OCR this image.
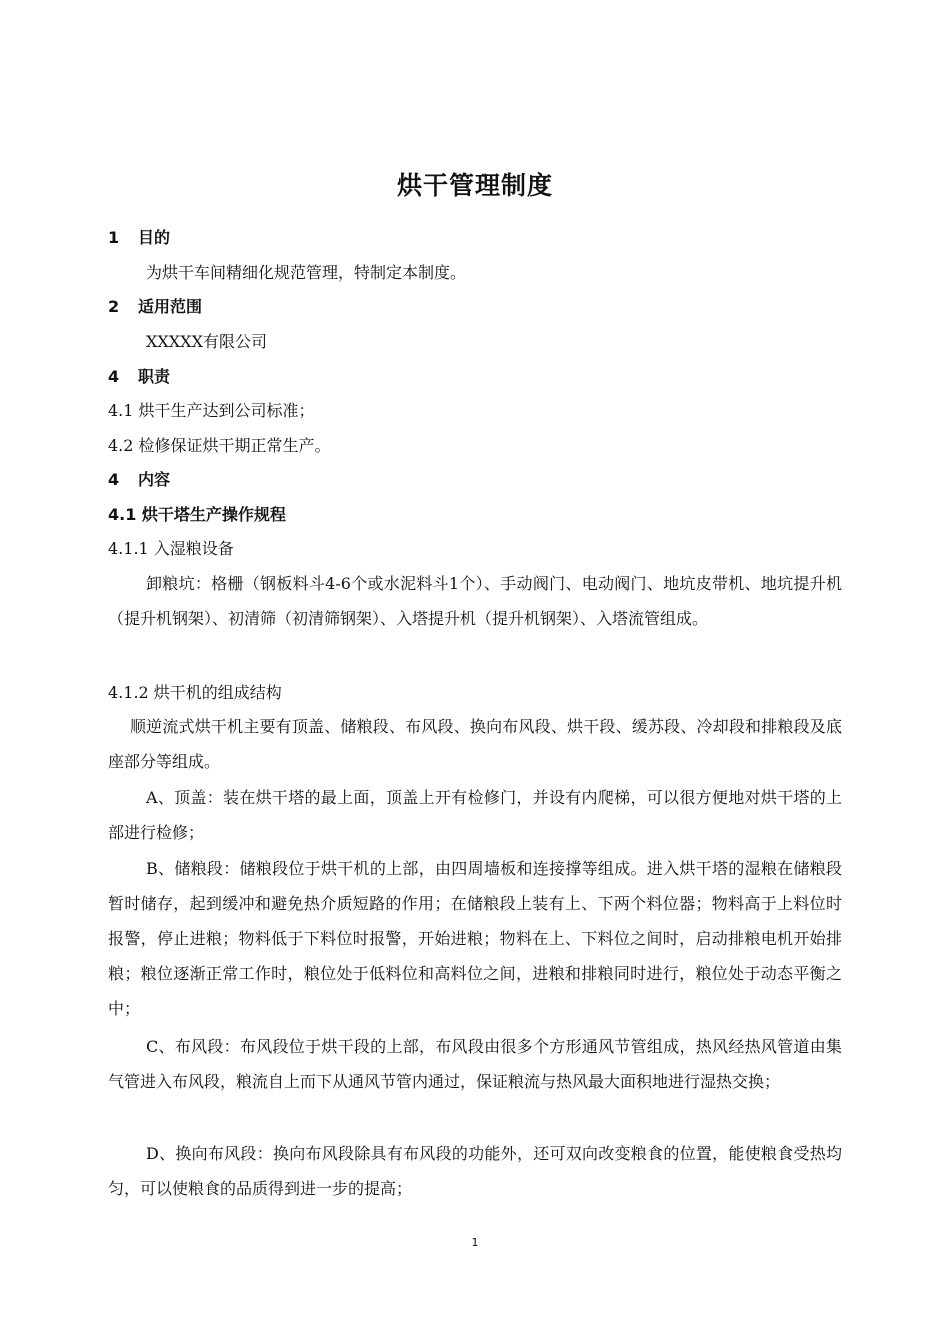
烘干管理制度
1 目的
为烘干车间精细化规范管理，特制定本制度。
2 适用范围
XXXXX有限公司
4 职责
4.1 烘干生产达到公司标准；
4.2 检修保证烘干期正常生产。
4 内容
4.1 烘干塔生产操作规程
4.1.1 入湿粮设备
卸粮坑：格栅（钢板料斗4-6个或水泥料斗1个）、手动阀门、电动阀门、地坑皮带机、地坑提升机（提升机钢架）、初清筛（初清筛钢架）、入塔提升机（提升机钢架）、入塔流管组成。
4.1.2 烘干机的组成结构
顺逆流式烘干机主要有顶盖、储粮段、布风段、换向布风段、烘干段、缓苏段、冷却段和排粮段及底座部分等组成。
A、顶盖：装在烘干塔的最上面，顶盖上开有检修门，并设有内爬梯，可以很方便地对烘干塔的上部进行检修；
B、储粮段：储粮段位于烘干机的上部，由四周墙板和连接撑等组成。进入烘干塔的湿粮在储粮段暂时储存，起到缓冲和避免热介质短路的作用；在储粮段上装有上、下两个料位器；物料高于上料位时报警，停止进粮；物料低于下料位时报警，开始进粮；物料在上、下料位之间时，启动排粮电机开始排粮；粮位逐渐正常工作时，粮位处于低料位和高料位之间，进粮和排粮同时进行，粮位处于动态平衡之中；
C、布风段：布风段位于烘干段的上部，布风段由很多个方形通风节管组成，热风经热风管道由集气管进入布风段，粮流自上而下从通风节管内通过，保证粮流与热风最大面积地进行湿热交换；
D、换向布风段：换向布风段除具有布风段的功能外，还可双向改变粮食的位置，能使粮食受热均匀，可以使粮食的品质得到进一步的提高；
1
